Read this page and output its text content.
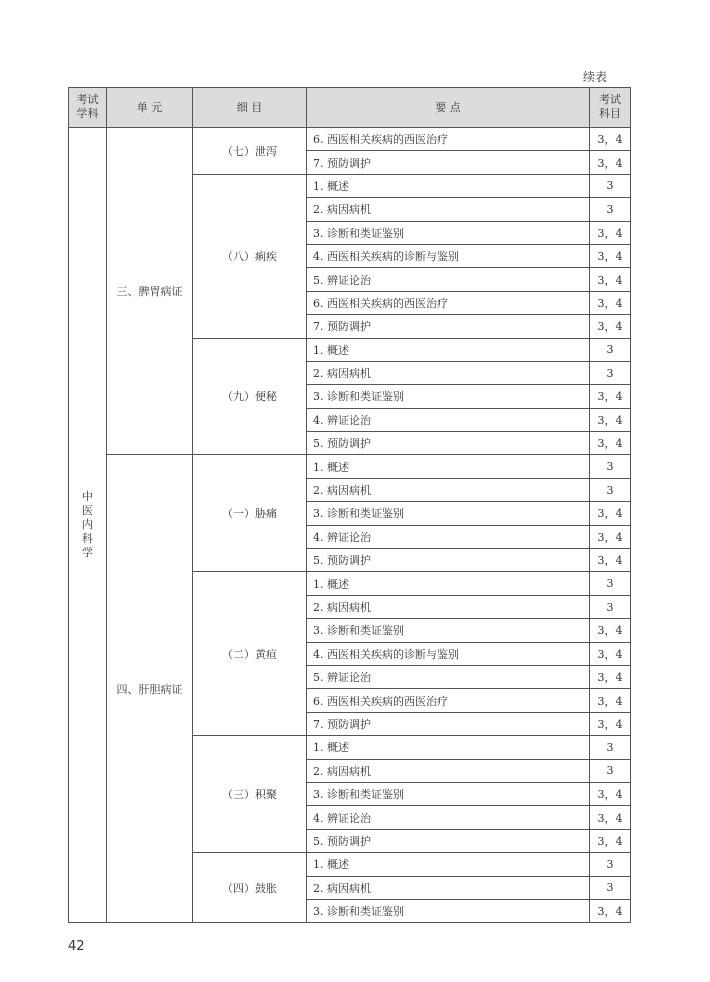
续表
考试学科	单 元	细 目	要 点	考试科目
中医内科学	三、脾胃病证	（七）泄泻	6. 西医相关疾病的西医治疗	3，4
			7. 预防调护	3，4
		（八）痢疾	1. 概述	3
			2. 病因病机	3
			3. 诊断和类证鉴别	3，4
			4. 西医相关疾病的诊断与鉴别	3，4
			5. 辨证论治	3，4
			6. 西医相关疾病的西医治疗	3，4
			7. 预防调护	3，4
		（九）便秘	1. 概述	3
			2. 病因病机	3
			3. 诊断和类证鉴别	3，4
			4. 辨证论治	3，4
			5. 预防调护	3，4
	四、肝胆病证	（一）胁痛	1. 概述	3
			2. 病因病机	3
			3. 诊断和类证鉴别	3，4
			4. 辨证论治	3，4
			5. 预防调护	3，4
		（二）黄疸	1. 概述	3
			2. 病因病机	3
			3. 诊断和类证鉴别	3，4
			4. 西医相关疾病的诊断与鉴别	3，4
			5. 辨证论治	3，4
			6. 西医相关疾病的西医治疗	3，4
			7. 预防调护	3，4
		（三）积聚	1. 概述	3
			2. 病因病机	3
			3. 诊断和类证鉴别	3，4
			4. 辨证论治	3，4
			5. 预防调护	3，4
		（四）鼓胀	1. 概述	3
			2. 病因病机	3
			3. 诊断和类证鉴别	3，4
42
